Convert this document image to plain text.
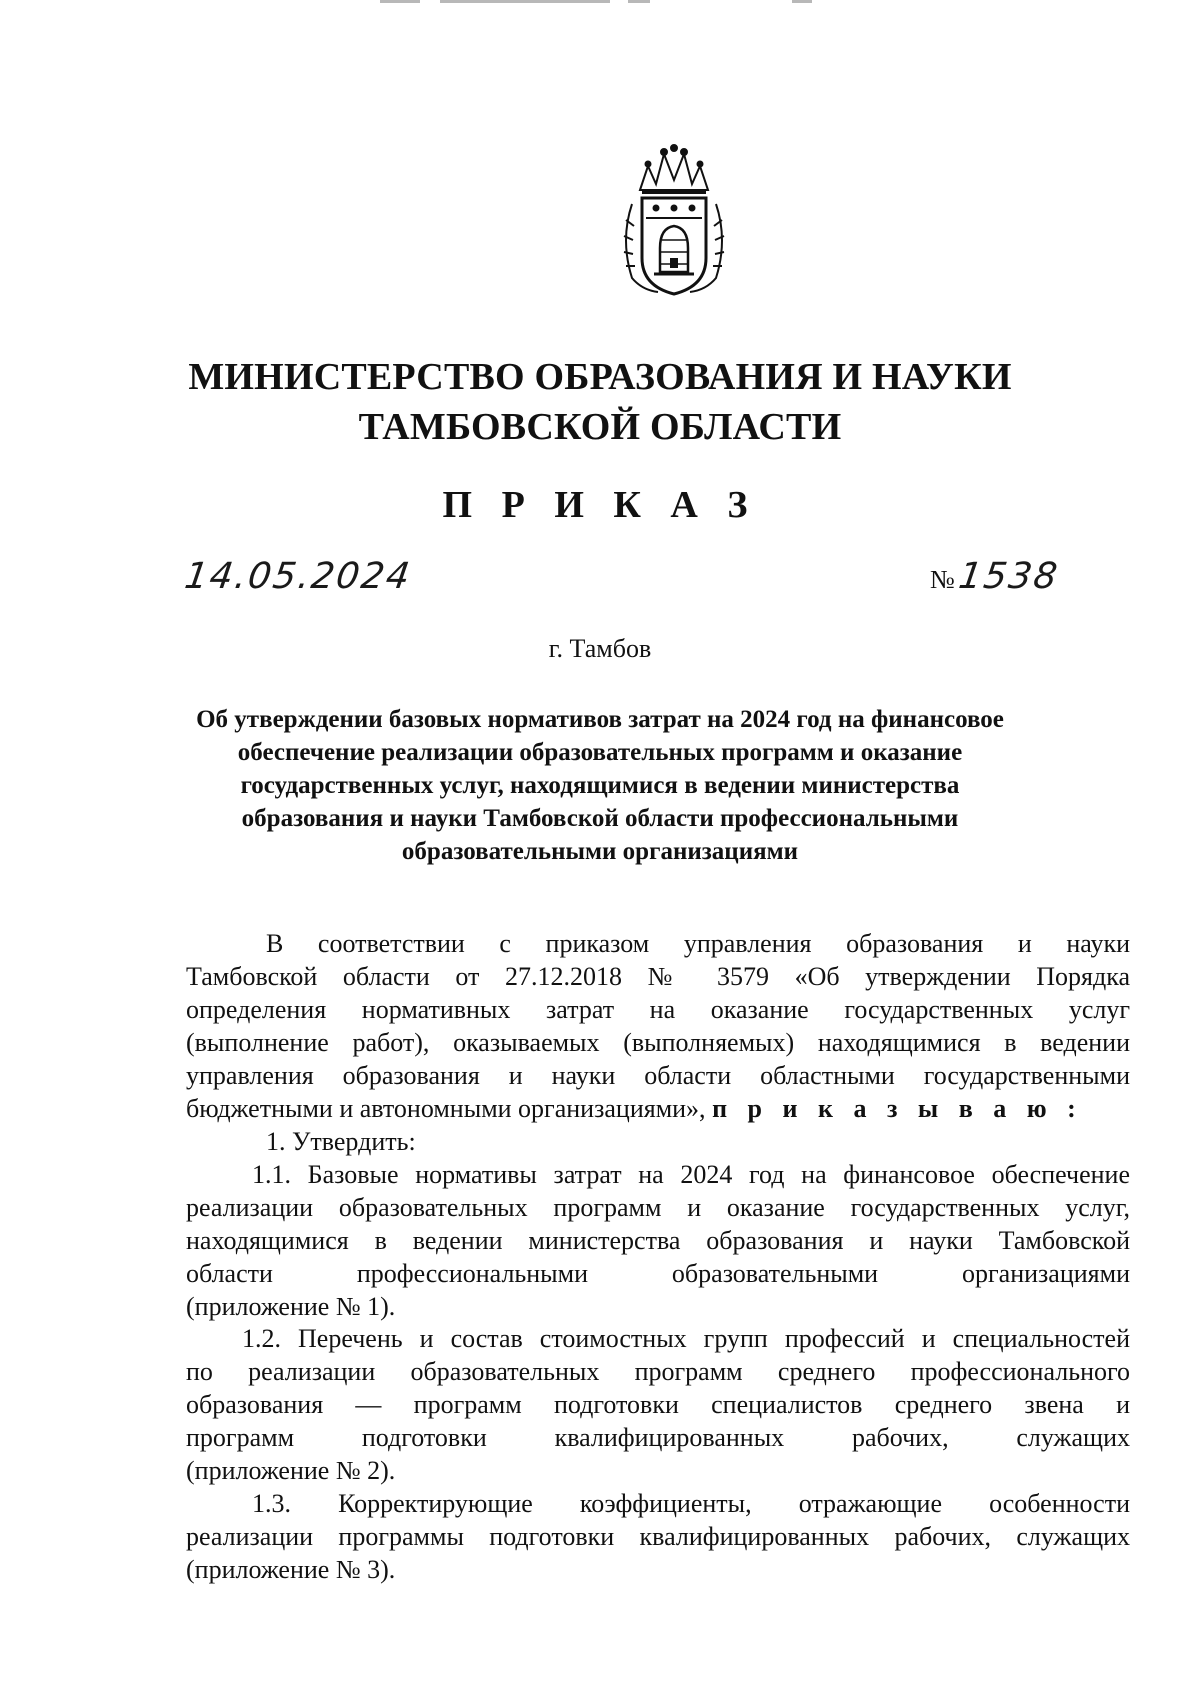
МИНИСТЕРСТВО ОБРАЗОВАНИЯ И НАУКИ
ТАМБОВСКОЙ ОБЛАСТИ
П Р И К А З
14.05.2024	№1538
г. Тамбов
Об утверждении базовых нормативов затрат на 2024 год на финансовое
обеспечение реализации образовательных программ и оказание
государственных услуг, находящимися в ведении министерства
образования и науки Тамбовской области профессиональными
образовательными организациями
В соответствии с приказом управления образования и науки
Тамбовской области от 27.12.2018 № 3579 «Об утверждении Порядка
определения нормативных затрат на оказание государственных услуг
(выполнение работ), оказываемых (выполняемых) находящимися в ведении
управления образования и науки области областными государственными
бюджетными и автономными организациями», п р и к а з ы в а ю :
1. Утвердить:
1.1. Базовые нормативы затрат на 2024 год на финансовое обеспечение
реализации образовательных программ и оказание государственных услуг,
находящимися в ведении министерства образования и науки Тамбовской
области профессиональными образовательными организациями
(приложение № 1).
1.2. Перечень и состав стоимостных групп профессий и специальностей
по реализации образовательных программ среднего профессионального
образования — программ подготовки специалистов среднего звена и
программ подготовки квалифицированных рабочих, служащих
(приложение № 2).
1.3. Корректирующие коэффициенты, отражающие особенности
реализации программы подготовки квалифицированных рабочих, служащих
(приложение № 3).
